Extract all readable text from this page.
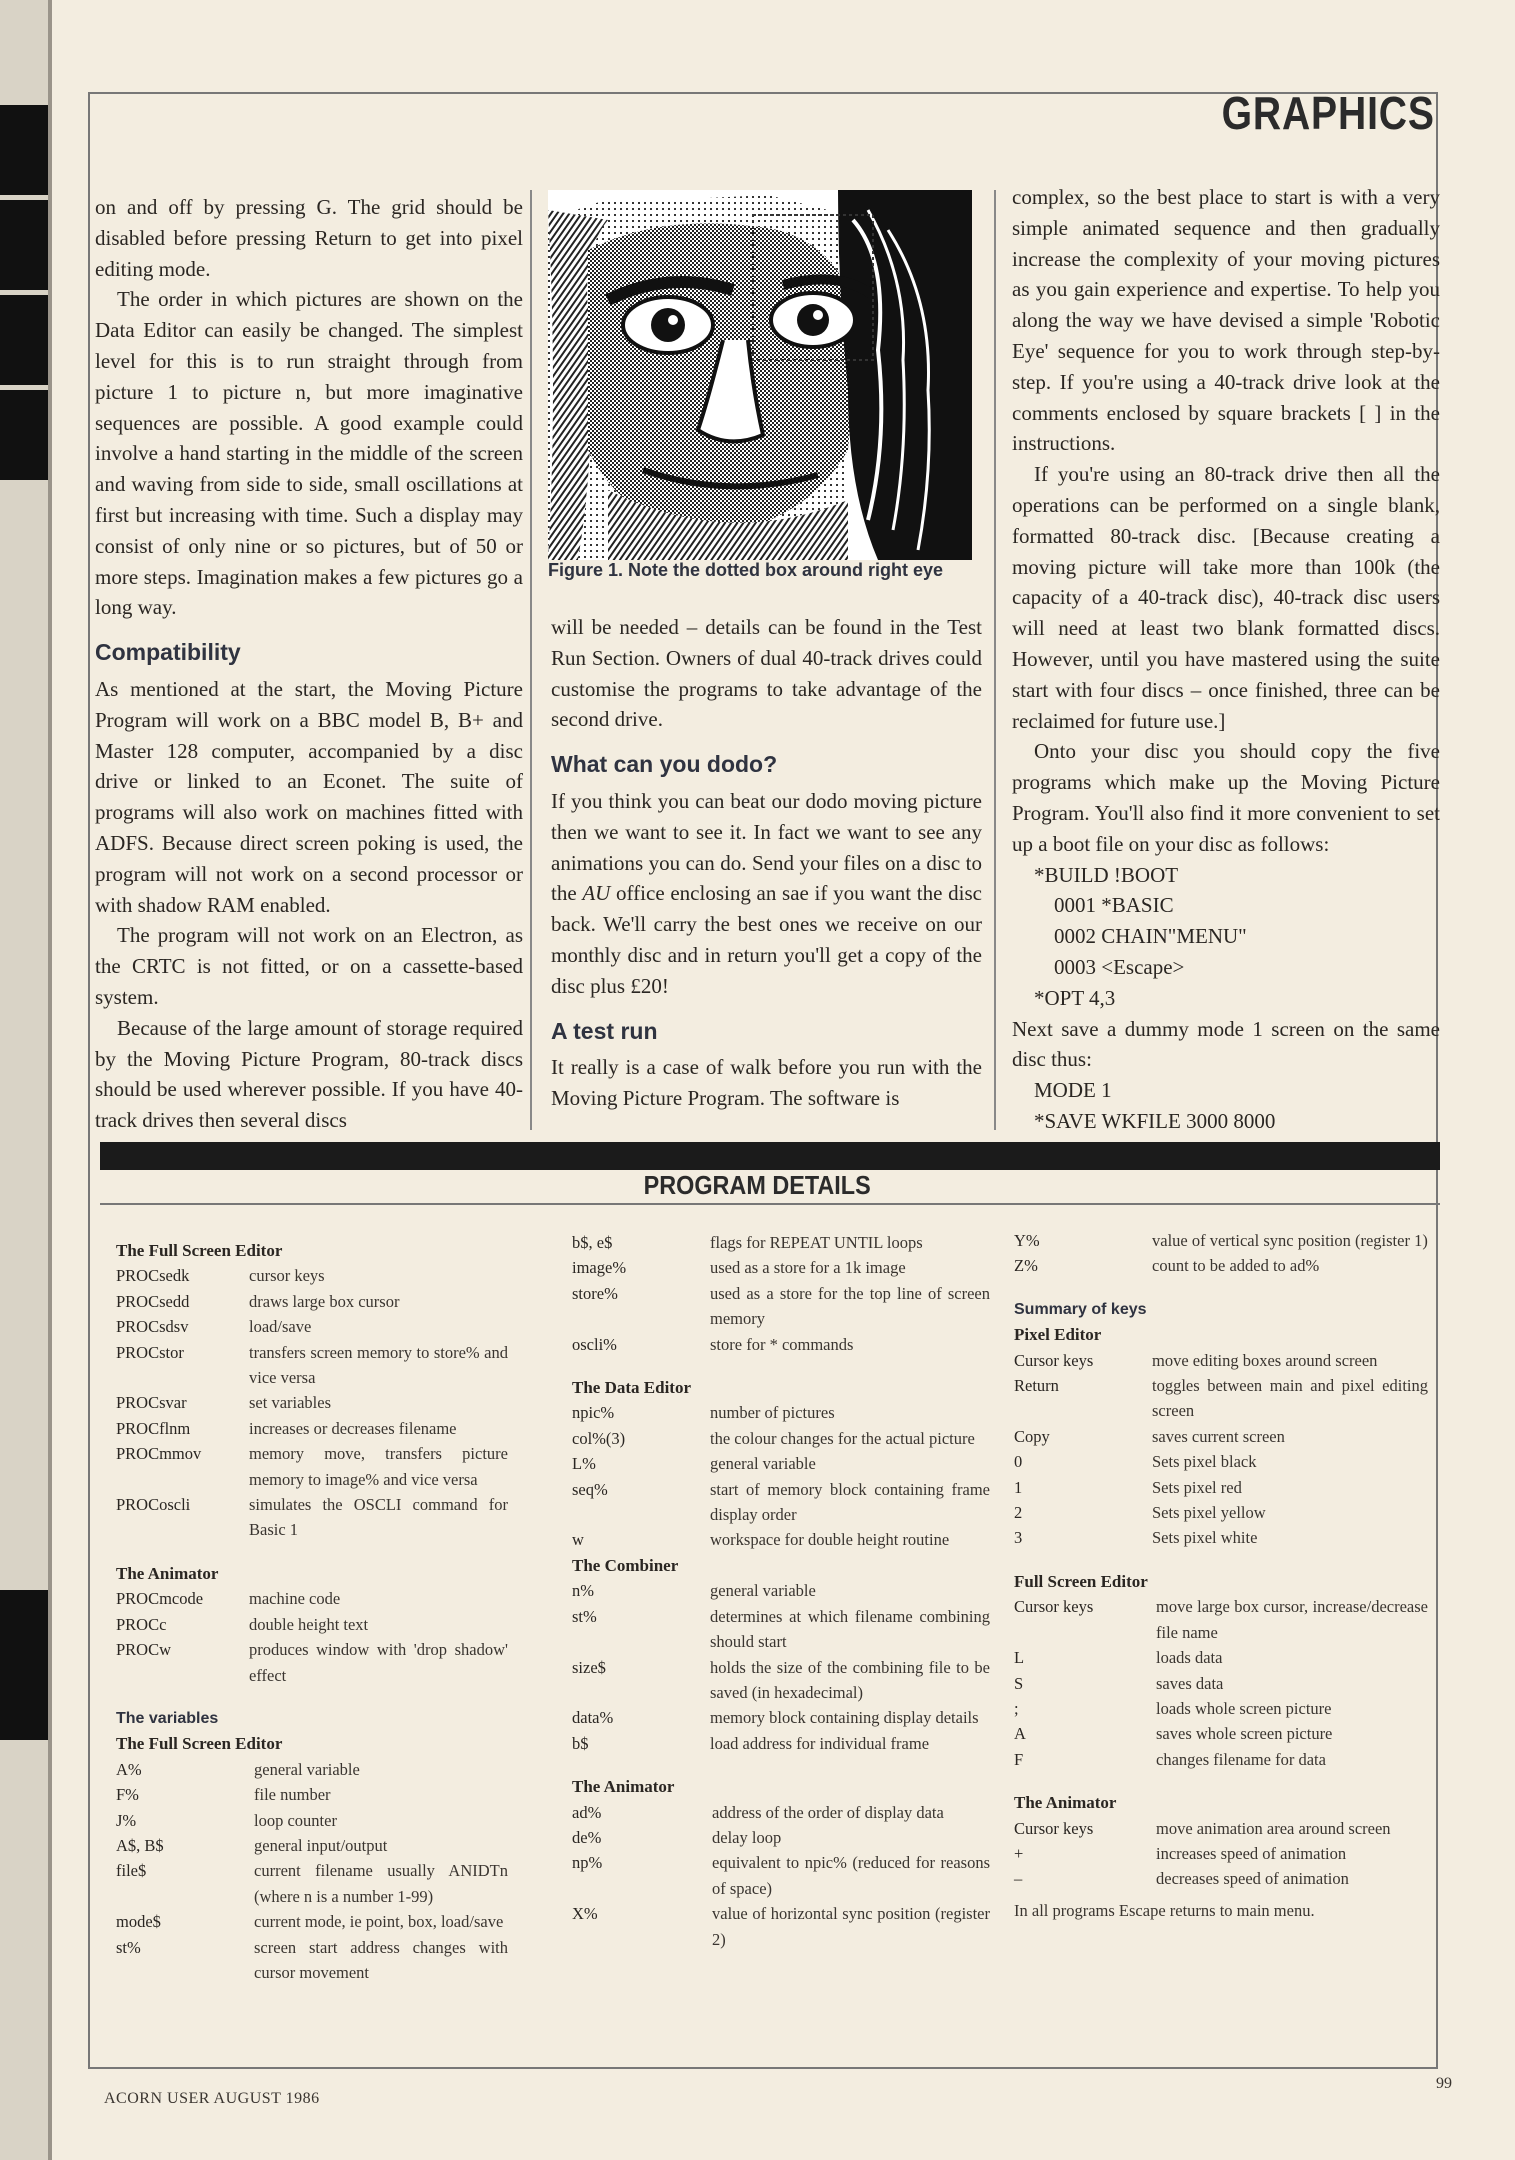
GRAPHICS

on and off by pressing G. The grid should be disabled before pressing Return to get into pixel editing mode.

The order in which pictures are shown on the Data Editor can easily be changed. The simplest level for this is to run straight through from picture 1 to picture n, but more imaginative sequences are possible. A good example could involve a hand starting in the middle of the screen and waving from side to side, small oscillations at first but increasing with time. Such a display may consist of only nine or so pictures, but of 50 or more steps. Imagination makes a few pictures go a long way.

Compatibility

As mentioned at the start, the Moving Picture Program will work on a BBC model B, B+ and Master 128 computer, accompanied by a disc drive or linked to an Econet. The suite of programs will also work on machines fitted with ADFS. Because direct screen poking is used, the program will not work on a second processor or with shadow RAM enabled.

The program will not work on an Electron, as the CRTC is not fitted, or on a cassette-based system.

Because of the large amount of storage required by the Moving Picture Program, 80-track discs should be used wherever possible. If you have 40-track drives then several discs

Figure 1. Note the dotted box around right eye

will be needed – details can be found in the Test Run Section. Owners of dual 40-track drives could customise the programs to take advantage of the second drive.

What can you dodo?

If you think you can beat our dodo moving picture then we want to see it. In fact we want to see any animations you can do. Send your files on a disc to the AU office enclosing an sae if you want the disc back. We'll carry the best ones we receive on our monthly disc and in return you'll get a copy of the disc plus £20!

A test run

It really is a case of walk before you run with the Moving Picture Program. The software is

complex, so the best place to start is with a very simple animated sequence and then gradually increase the complexity of your moving pictures as you gain experience and expertise. To help you along the way we have devised a simple 'Robotic Eye' sequence for you to work through step-by-step. If you're using a 40-track drive look at the comments enclosed by square brackets [ ] in the instructions.

If you're using an 80-track drive then all the operations can be performed on a single blank, formatted 80-track disc. [Because creating a moving picture will take more than 100k (the capacity of a 40-track disc), 40-track disc users will need at least two blank formatted discs. However, until you have mastered using the suite start with four discs – once finished, three can be reclaimed for future use.]

Onto your disc you should copy the five programs which make up the Moving Picture Program. You'll also find it more convenient to set up a boot file on your disc as follows:

*BUILD !BOOT
0001 *BASIC
0002 CHAIN"MENU"
0003 <Escape>
*OPT 4,3

Next save a dummy mode 1 screen on the same disc thus:

MODE 1
*SAVE WKFILE 3000 8000
PROGRAM DETAILS
The Full Screen Editor
PROCsedk	cursor keys
PROCsedd	draws large box cursor
PROCsdsv	load/save
PROCstor	transfers screen memory to store% and vice versa
PROCsvar	set variables
PROCflnm	increases or decreases filename
PROCmmov	memory move, transfers picture memory to image% and vice versa
PROCoscli	simulates the OSCLI command for Basic 1
The Animator
PROCmcode	machine code
PROCc	double height text
PROCw	produces window with 'drop shadow' effect
The variables
The Full Screen Editor
A%	general variable
F%	file number
J%	loop counter
A$, B$	general input/output
file$	current filename usually ANIDTn (where n is a number 1-99)
mode$	current mode, ie point, box, load/save
st%	screen start address changes with cursor movement
b$, e$	flags for REPEAT UNTIL loops
image%	used as a store for a 1k image
store%	used as a store for the top line of screen memory
oscli%	store for * commands
The Data Editor
npic%	number of pictures
col%(3)	the colour changes for the actual picture
L%	general variable
seq%	start of memory block containing frame display order
w	workspace for double height routine
The Combiner
n%	general variable
st%	determines at which filename combining should start
size$	holds the size of the combining file to be saved (in hexadecimal)
data%	memory block containing display details
b$	load address for individual frame
The Animator
ad%	address of the order of display data
de%	delay loop
np%	equivalent to npic% (reduced for reasons of space)
X%	value of horizontal sync position (register 2)
Y%	value of vertical sync position (register 1)
Z%	count to be added to ad%
Summary of keys
Pixel Editor
Cursor keys	move editing boxes around screen
Return	toggles between main and pixel editing screen
Copy	saves current screen
0	Sets pixel black
1	Sets pixel red
2	Sets pixel yellow
3	Sets pixel white
Full Screen Editor
Cursor keys	move large box cursor, increase/decrease file name
L	loads data
S	saves data
;	loads whole screen picture
A	saves whole screen picture
F	changes filename for data
The Animator
Cursor keys	move animation area around screen
+	increases speed of animation
–	decreases speed of animation
In all programs Escape returns to main menu.
ACORN USER AUGUST 1986
99
